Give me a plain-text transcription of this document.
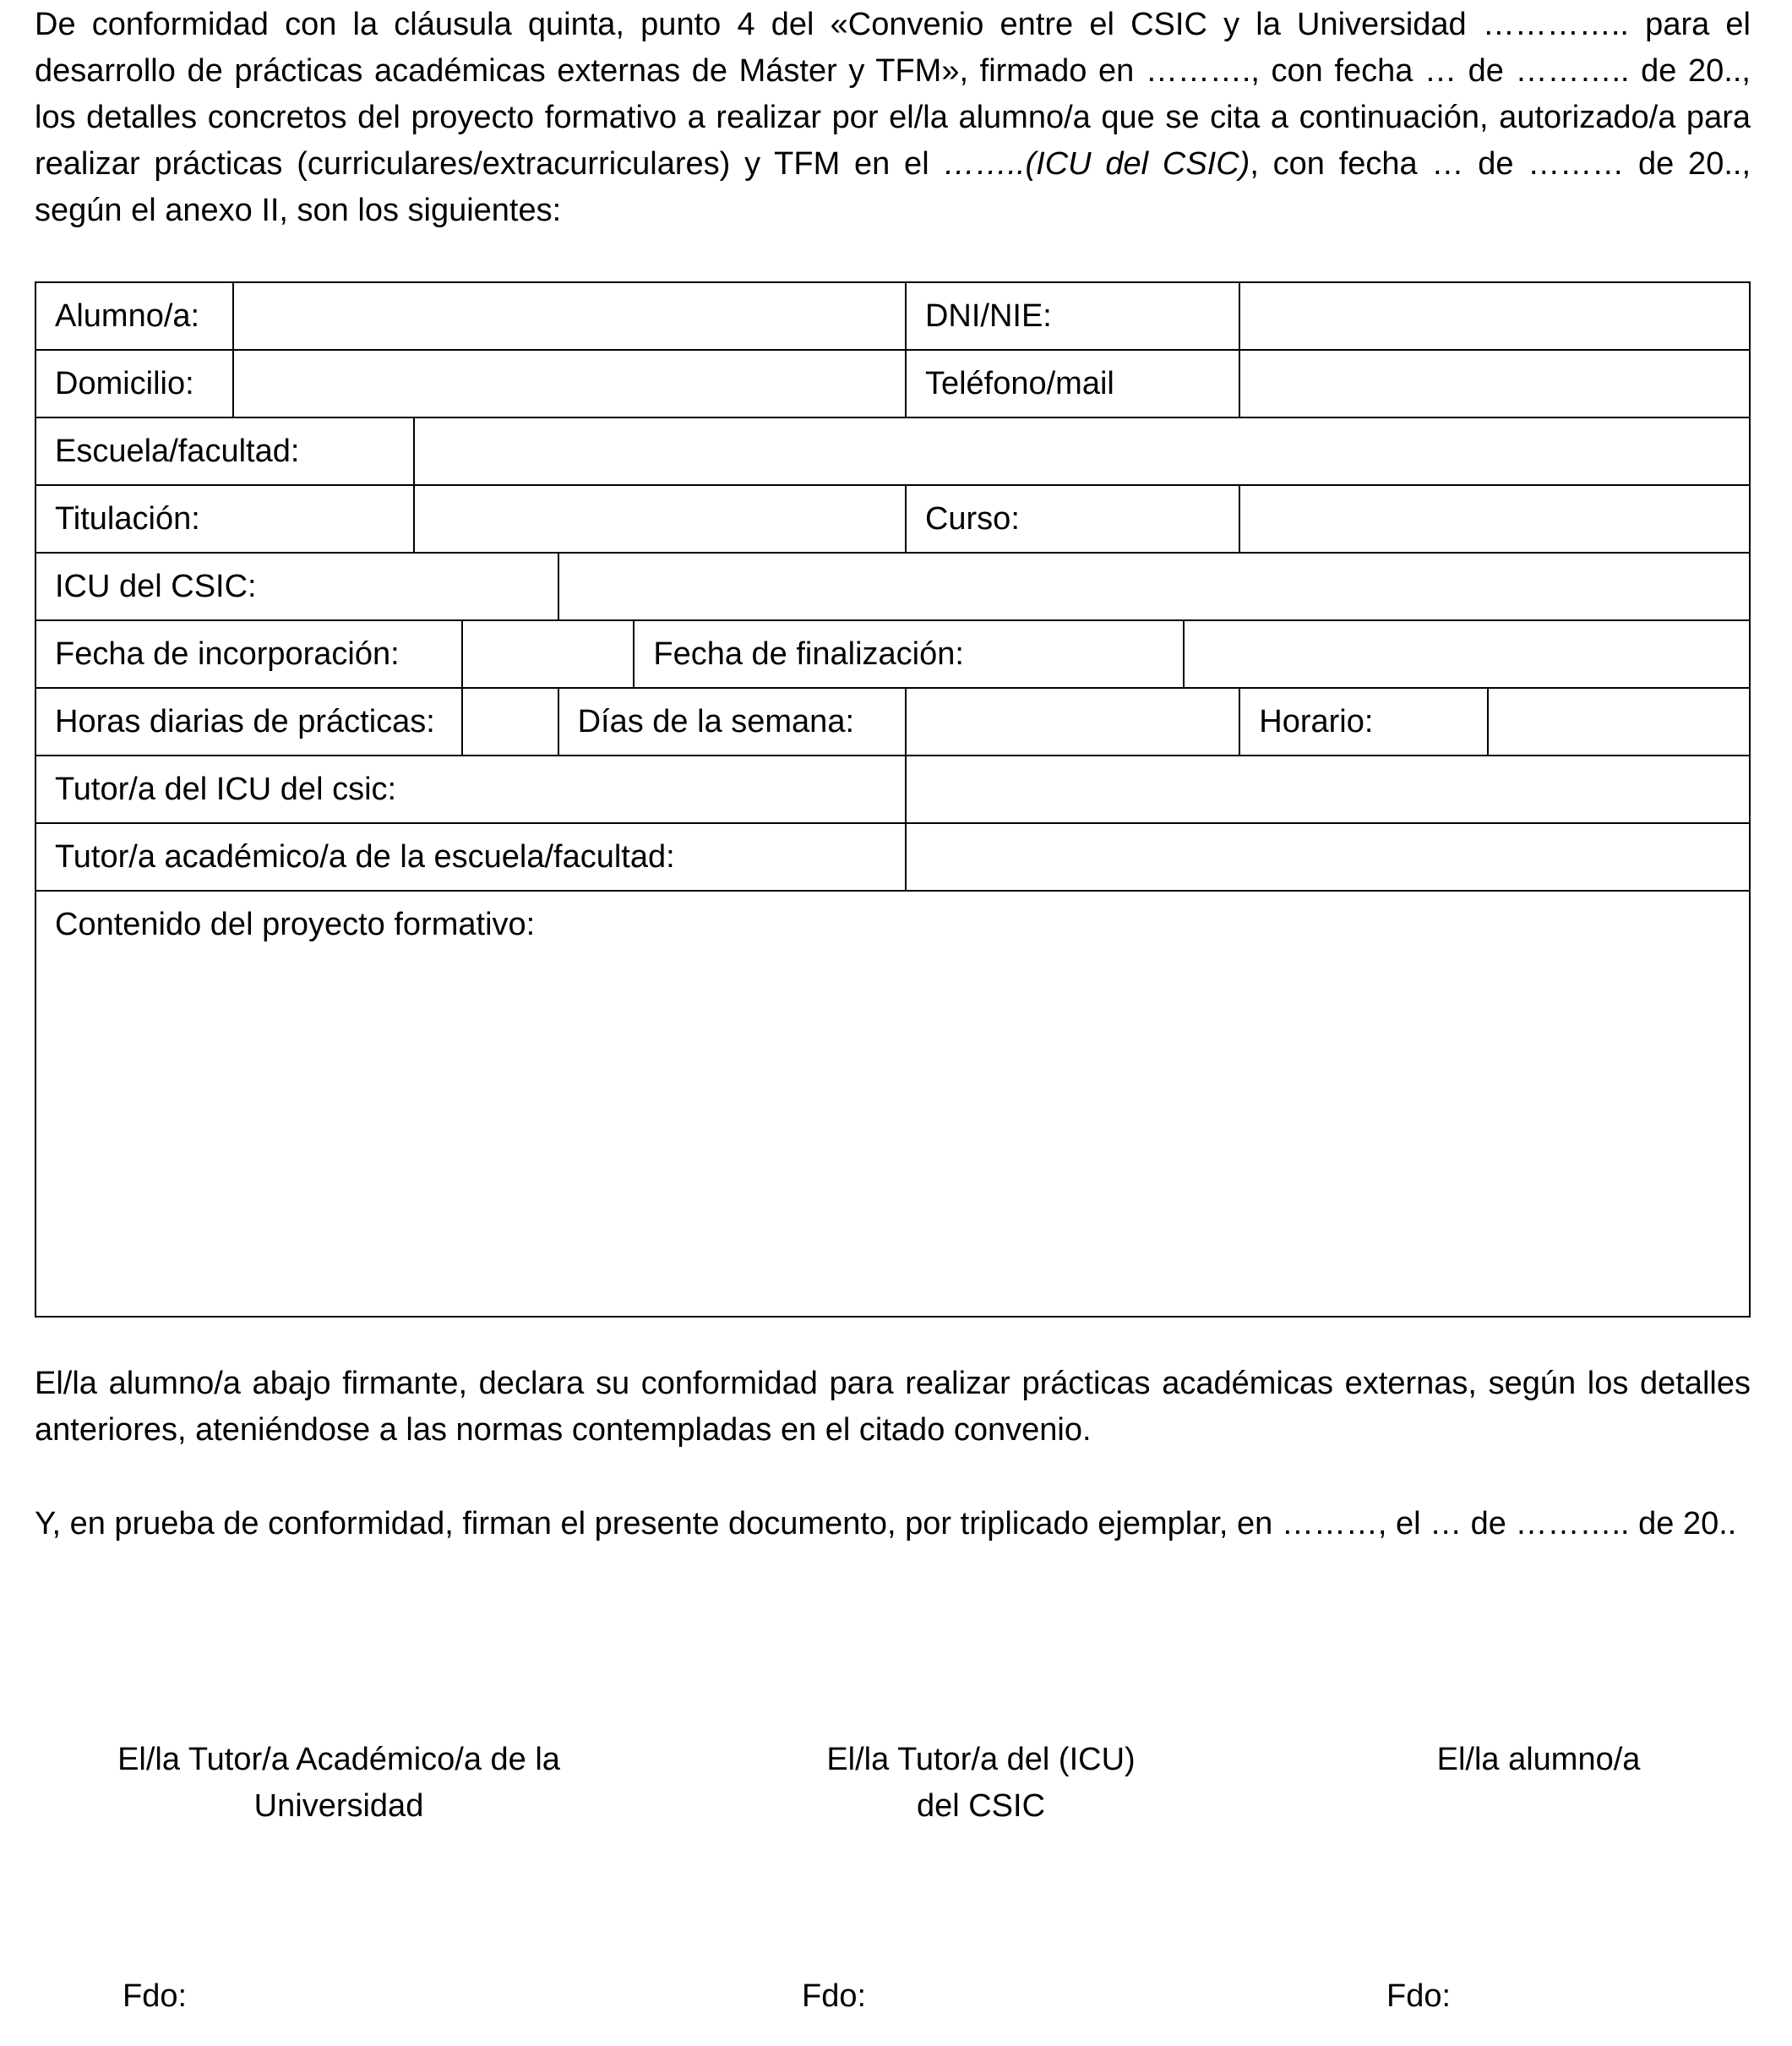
De conformidad con la cláusula quinta, punto 4 del «Convenio entre el CSIC y la Universidad ………….. para el desarrollo de prácticas académicas externas de Máster y TFM», firmado en ………., con fecha … de ……….. de 20.., los detalles concretos del proyecto formativo a realizar por el/la alumno/a que se cita a continuación, autorizado/a para realizar prácticas (curriculares/extracurriculares) y TFM en el ……..(ICU del CSIC), con fecha … de ……… de 20.., según el anexo II, son los siguientes:

Alumno/a:						DNI/NIE:			
Domicilio:						Teléfono/mail			
Escuela/facultad:									
Titulación:						Curso:			
ICU del CSIC:									
Fecha de incorporación:					Fecha de finalización:				
Horas diarias de prácticas:				Días de la semana:				Horario:	
Tutor/a del ICU del csic:									
Tutor/a académico/a de la escuela/facultad:									
Contenido del proyecto formativo:									

El/la alumno/a abajo firmante, declara su conformidad para realizar prácticas académicas externas, según los detalles anteriores, ateniéndose a las normas contempladas en el citado convenio.

Y, en prueba de conformidad, firman el presente documento, por triplicado ejemplar, en ………, el … de ……….. de 20..

El/la Tutor/a Académico/a de la
Universidad
El/la Tutor/a del (ICU)
del CSIC
El/la alumno/a
Fdo:	Fdo:	Fdo:
